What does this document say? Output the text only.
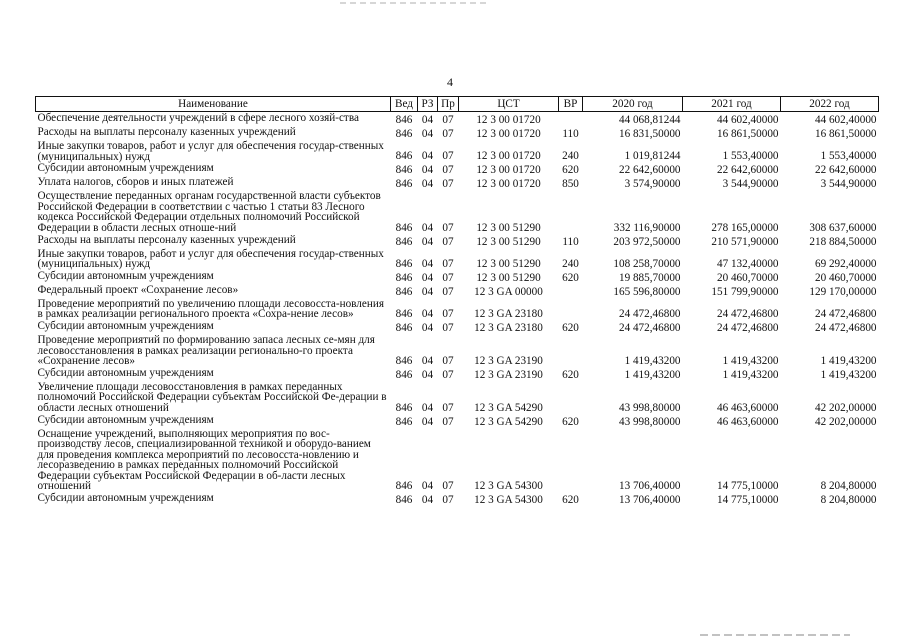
4
Наименование	Вед	РЗ	Пр	ЦСТ	ВР	2020 год	2021 год	2022 год
Обеспечение деятельности учреждений в сфере лесного хозяй-ства	846	04	07	12 3 00 01720		44 068,81244	44 602,40000	44 602,40000
Расходы на выплаты персоналу казенных учреждений	846	04	07	12 3 00 01720	110	16 831,50000	16 861,50000	16 861,50000
Иные закупки товаров, работ и услуг для обеспечения государ-ственных (муниципальных) нужд	846	04	07	12 3 00 01720	240	1 019,81244	1 553,40000	1 553,40000
Субсидии автономным учреждениям	846	04	07	12 3 00 01720	620	22 642,60000	22 642,60000	22 642,60000
Уплата налогов, сборов и иных платежей	846	04	07	12 3 00 01720	850	3 574,90000	3 544,90000	3 544,90000
Осуществление переданных органам государственной власти субъектов Российской Федерации в соответствии с частью 1 статьи 83 Лесного кодекса Российской Федерации отдельных полномочий Российской Федерации в области лесных отноше-ний	846	04	07	12 3 00 51290		332 116,90000	278 165,00000	308 637,60000
Расходы на выплаты персоналу казенных учреждений	846	04	07	12 3 00 51290	110	203 972,50000	210 571,90000	218 884,50000
Иные закупки товаров, работ и услуг для обеспечения государ-ственных (муниципальных) нужд	846	04	07	12 3 00 51290	240	108 258,70000	47 132,40000	69 292,40000
Субсидии автономным учреждениям	846	04	07	12 3 00 51290	620	19 885,70000	20 460,70000	20 460,70000
Федеральный проект «Сохранение лесов»	846	04	07	12 3 GA 00000		165 596,80000	151 799,90000	129 170,00000
Проведение мероприятий по увеличению площади лесовосста-новления в рамках реализации регионального проекта «Сохра-нение лесов»	846	04	07	12 3 GA 23180		24 472,46800	24 472,46800	24 472,46800
Субсидии автономным учреждениям	846	04	07	12 3 GA 23180	620	24 472,46800	24 472,46800	24 472,46800
Проведение мероприятий по формированию запаса лесных се-мян для лесовосстановления в рамках реализации регионально-го проекта «Сохранение лесов»	846	04	07	12 3 GA 23190		1 419,43200	1 419,43200	1 419,43200
Субсидии автономным учреждениям	846	04	07	12 3 GA 23190	620	1 419,43200	1 419,43200	1 419,43200
Увеличение площади лесовосстановления в рамках переданных полномочий Российской Федерации субъектам Российской Фе-дерации в области лесных отношений	846	04	07	12 3 GA 54290		43 998,80000	46 463,60000	42 202,00000
Субсидии автономным учреждениям	846	04	07	12 3 GA 54290	620	43 998,80000	46 463,60000	42 202,00000
Оснащение учреждений, выполняющих мероприятия по вос-производству лесов, специализированной техникой и оборудо-ванием для проведения комплекса мероприятий по лесовосста-новлению и лесоразведению в рамках переданных полномочий Российской Федерации субъектам Российской Федерации в об-ласти лесных отношений	846	04	07	12 3 GA 54300		13 706,40000	14 775,10000	8 204,80000
Субсидии автономным учреждениям	846	04	07	12 3 GA 54300	620	13 706,40000	14 775,10000	8 204,80000
